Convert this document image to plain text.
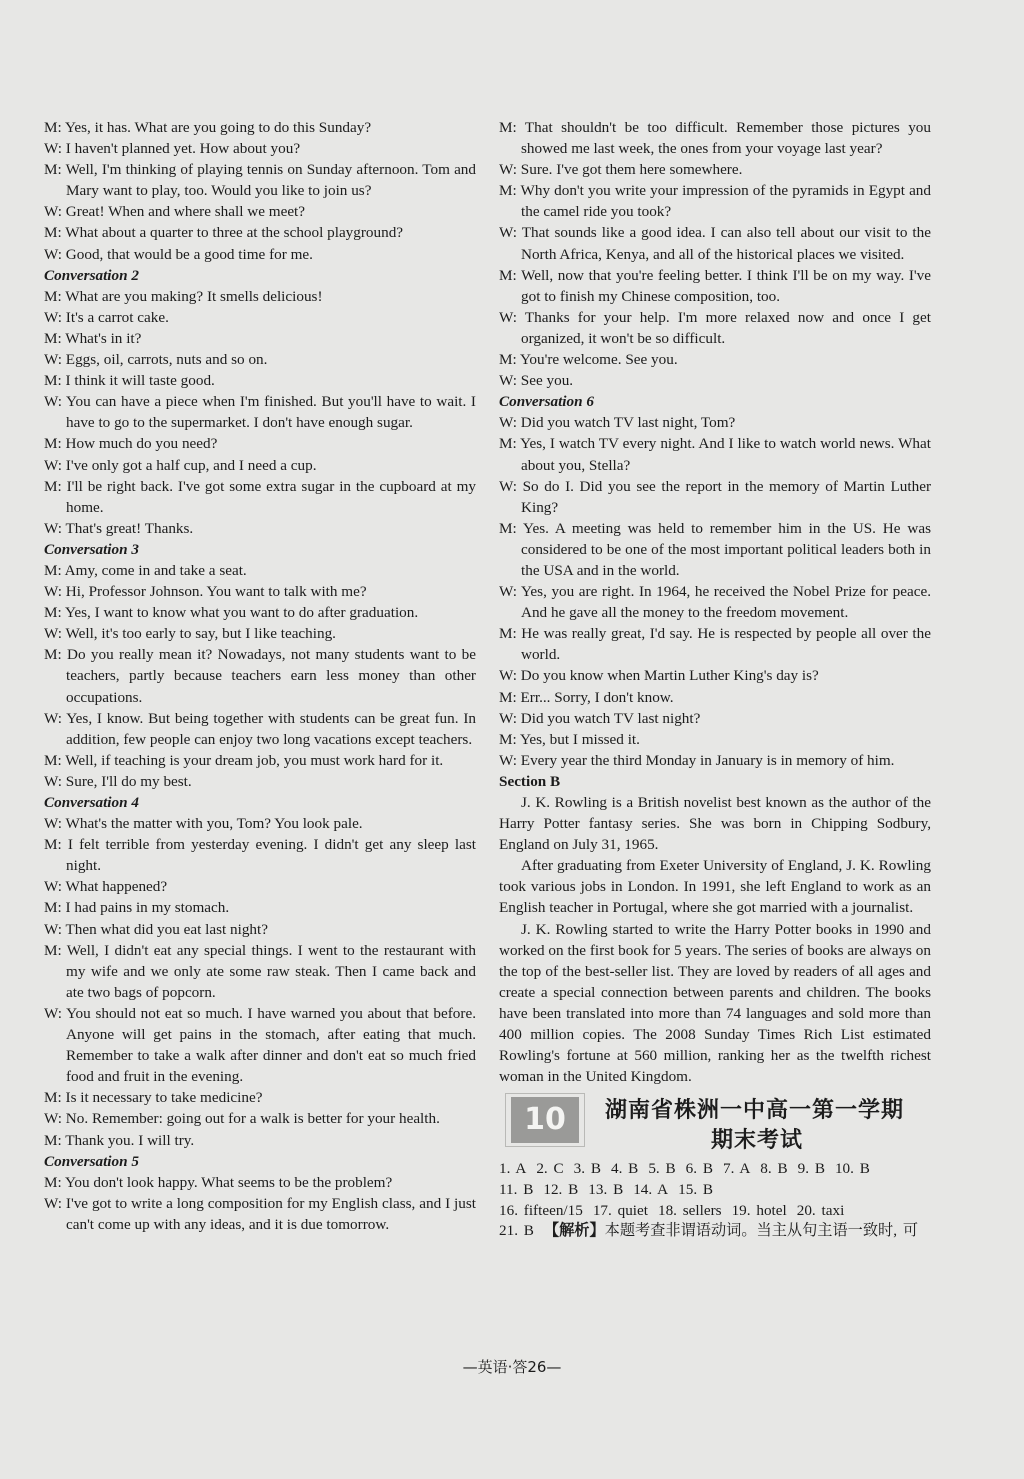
M: Yes, it has. What are you going to do this Sunday?

W: I haven't planned yet. How about you?

M: Well, I'm thinking of playing tennis on Sunday afternoon. Tom and Mary want to play, too. Would you like to join us?

W: Great! When and where shall we meet?

M: What about a quarter to three at the school playground?

W: Good, that would be a good time for me.

Conversation 2

M: What are you making? It smells delicious!

W: It's a carrot cake.

M: What's in it?

W: Eggs, oil, carrots, nuts and so on.

M: I think it will taste good.

W: You can have a piece when I'm finished. But you'll have to wait. I have to go to the supermarket. I don't have enough sugar.

M: How much do you need?

W: I've only got a half cup, and I need a cup.

M: I'll be right back. I've got some extra sugar in the cupboard at my home.

W: That's great! Thanks.

Conversation 3

M: Amy, come in and take a seat.

W: Hi, Professor Johnson. You want to talk with me?

M: Yes, I want to know what you want to do after graduation.

W: Well, it's too early to say, but I like teaching.

M: Do you really mean it? Nowadays, not many students want to be teachers, partly because teachers earn less money than other occupations.

W: Yes, I know. But being together with students can be great fun. In addition, few people can enjoy two long vacations except teachers.

M: Well, if teaching is your dream job, you must work hard for it.

W: Sure, I'll do my best.

Conversation 4

W: What's the matter with you, Tom? You look pale.

M: I felt terrible from yesterday evening. I didn't get any sleep last night.

W: What happened?

M: I had pains in my stomach.

W: Then what did you eat last night?

M: Well, I didn't eat any special things. I went to the restaurant with my wife and we only ate some raw steak. Then I came back and ate two bags of popcorn.

W: You should not eat so much. I have warned you about that before. Anyone will get pains in the stomach, after eating that much. Remember to take a walk after dinner and don't eat so much fried food and fruit in the evening.

M: Is it necessary to take medicine?

W: No. Remember: going out for a walk is better for your health.

M: Thank you. I will try.

Conversation 5

M: You don't look happy. What seems to be the problem?

W: I've got to write a long composition for my English class, and I just can't come up with any ideas, and it is due tomorrow.

M: That shouldn't be too difficult. Remember those pictures you showed me last week, the ones from your voyage last year?

W: Sure. I've got them here somewhere.

M: Why don't you write your impression of the pyramids in Egypt and the camel ride you took?

W: That sounds like a good idea. I can also tell about our visit to the North Africa, Kenya, and all of the historical places we visited.

M: Well, now that you're feeling better. I think I'll be on my way. I've got to finish my Chinese composition, too.

W: Thanks for your help. I'm more relaxed now and once I get organized, it won't be so difficult.

M: You're welcome. See you.

W: See you.

Conversation 6

W: Did you watch TV last night, Tom?

M: Yes, I watch TV every night. And I like to watch world news. What about you, Stella?

W: So do I. Did you see the report in the memory of Martin Luther King?

M: Yes. A meeting was held to remember him in the US. He was considered to be one of the most important political leaders both in the USA and in the world.

W: Yes, you are right. In 1964, he received the Nobel Prize for peace. And he gave all the money to the freedom movement.

M: He was really great, I'd say. He is respected by people all over the world.

W: Do you know when Martin Luther King's day is?

M: Err... Sorry, I don't know.

W: Did you watch TV last night?

M: Yes, but I missed it.

W: Every year the third Monday in January is in memory of him.

Section B

J. K. Rowling is a British novelist best known as the author of the Harry Potter fantasy series. She was born in Chipping Sodbury, England on July 31, 1965.

After graduating from Exeter University of England, J. K. Rowling took various jobs in London. In 1991, she left England to work as an English teacher in Portugal, where she got married with a journalist.

J. K. Rowling started to write the Harry Potter books in 1990 and worked on the first book for 5 years. The series of books are always on the top of the best-seller list. They are loved by readers of all ages and create a special connection between parents and children. The books have been translated into more than 74 languages and sold more than 400 million copies. The 2008 Sunday Times Rich List estimated Rowling's fortune at 560 million, ranking her as the twelfth richest woman in the United Kingdom.

10	湖南省株洲一中高一第一学期
期末考试
1. A 2. C 3. B 4. B 5. B 6. B 7. A 8. B 9. B 10. B
11. B 12. B 13. B 14. A 15. B
16. fifteen/15 17. quiet 18. sellers 19. hotel 20. taxi
21. B 【解析】本题考查非谓语动词。当主从句主语一致时, 可
—英语·答26—
